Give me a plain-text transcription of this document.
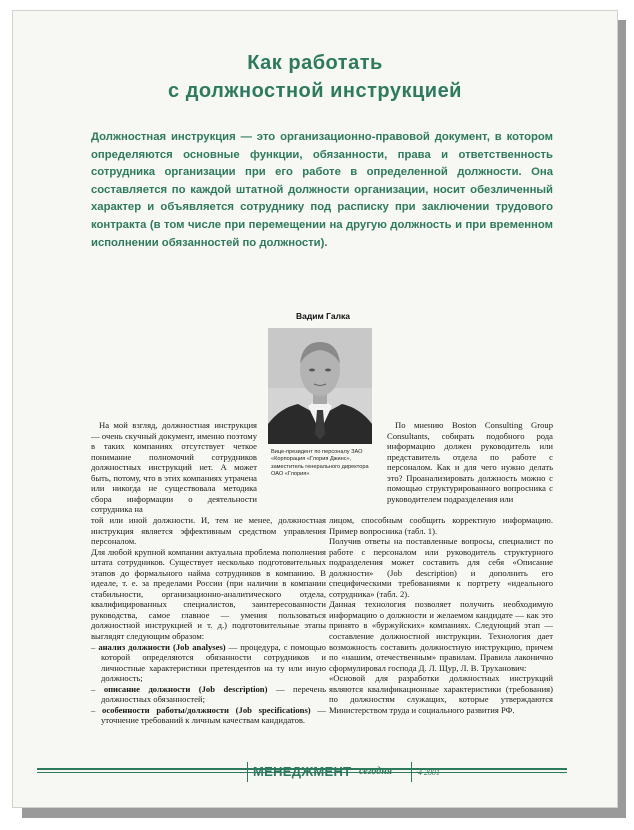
Как работать
с должностной инструкцией
Должностная инструкция — это организационно-правовой документ, в котором определяются основные функции, обязанности, права и ответственность сотрудника организации при его работе в определенной должности. Она составляется по каждой штатной должности организации, носит обезличенный характер и объявляется сотруднику под расписку при заключении трудового контракта (в том числе при перемещении на другую должность и при временном исполнении обязанностей по должности).
Вадим Галка
Вице-президент по персоналу ЗАО «Корпорация «Глория Джинс», заместитель генерального директора ОАО «Глория»

На мой взгляд, должностная инструкция — очень скучный документ, именно поэтому в таких компаниях отсутствует четкое понимание полномочий сотрудников должностных инструкций нет. А может быть, потому, что в этих компаниях утрачена или никогда не существовала методика сбора информации о деятельности сотрудника на

той или иной должности. И, тем не менее, должностная инструкция является эффективным средством управления персоналом.

Для любой крупной компании актуальна проблема пополнения штата сотрудников. Существует несколько подготовительных этапов до формального найма сотрудников в компанию. В идеале, т. е. за пределами России (при наличии в компании стабильности, организационно-аналитического отдела, квалифицированных специалистов, заинтересованности руководства, самое главное — умения пользоваться должностной инструкцией и т. д.) подготовительные этапы выглядят следующим образом:

– анализ должности (Job analyses) — процедура, с помощью которой определяются обязанности сотрудников и личностные характеристики претендентов на ту или иную должность;

– описание должности (Job description) — перечень должностных обязанностей;

– особенности работы/должности (Job specifications) — уточнение требований к личным качествам кандидатов.

По мнению Boston Consulting Group Consultants, собирать подобного рода информацию должен руководитель или представитель отдела по работе с персоналом. Как и для чего нужно делать это? Проанализировать должность можно с помощью структурированного вопросника с руководителем подразделения или

лицом, способным сообщить корректную информацию. Пример вопросника (табл. 1).

Получив ответы на поставленные вопросы, специалист по работе с персоналом или руководитель структурного подразделения может составить для себя «Описание должности» (Job description) и дополнить его специфическими требованиями к портрету «идеального сотрудника» (табл. 2).

Данная технология позволяет получить необходимую информацию о должности и желаемом кандидате — как это принято в «буржуйских» компаниях. Следующий этап — составление должностной инструкции. Технология дает возможность составить должностную инструкцию, причем по «нашим, отечественным» правилам. Правила лаконично сформулировал господа Д. Л. Щур, Л. В. Труханович:

«Основой для разработки должностных инструкций являются квалификационные характеристики (требования) по должностям служащих, которые утверждаются Министерством труда и социального развития РФ.

МЕНЕДЖМЕНТ сегодня	·4 2001
